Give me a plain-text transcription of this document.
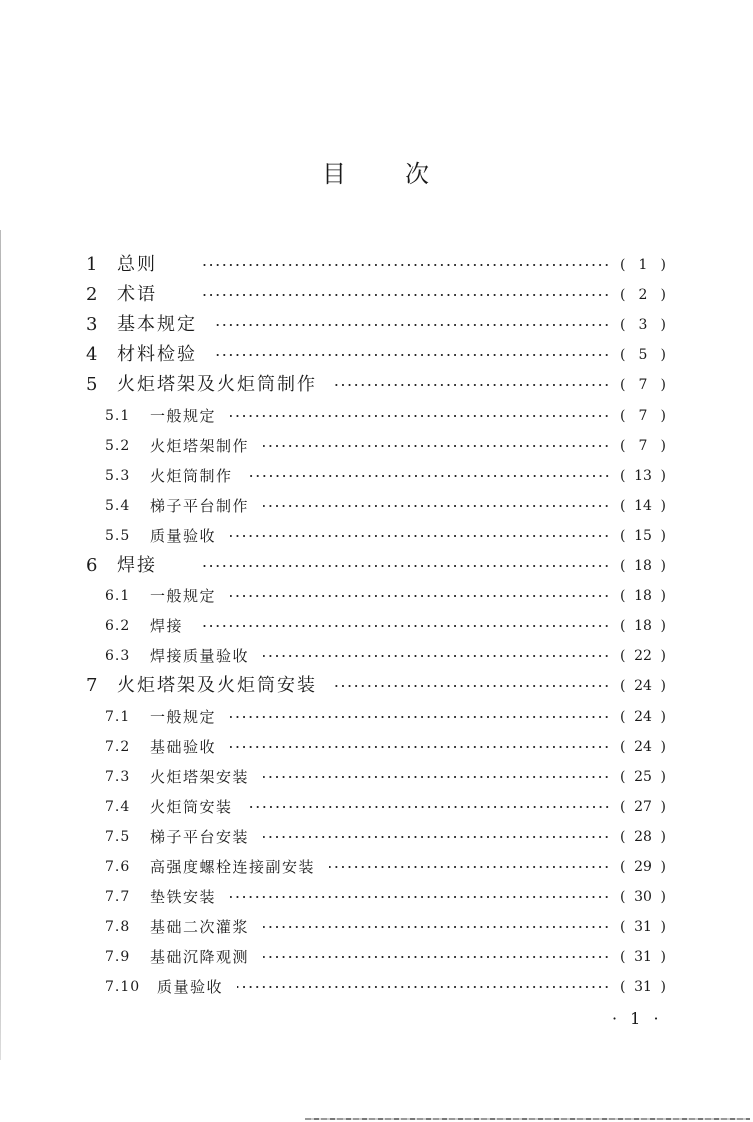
目 次
1 总则	( 1 )
2 术语	( 2 )
3 基本规定	( 3 )
4 材料检验	( 5 )
5 火炬塔架及火炬筒制作	( 7 )
5.1 一般规定	( 7 )
5.2 火炬塔架制作	( 7 )
5.3 火炬筒制作	( 13 )
5.4 梯子平台制作	( 14 )
5.5 质量验收	( 15 )
6 焊接	( 18 )
6.1 一般规定	( 18 )
6.2 焊接	( 18 )
6.3 焊接质量验收	( 22 )
7 火炬塔架及火炬筒安装	( 24 )
7.1 一般规定	( 24 )
7.2 基础验收	( 24 )
7.3 火炬塔架安装	( 25 )
7.4 火炬筒安装	( 27 )
7.5 梯子平台安装	( 28 )
7.6 高强度螺栓连接副安装	( 29 )
7.7 垫铁安装	( 30 )
7.8 基础二次灌浆	( 31 )
7.9 基础沉降观测	( 31 )
7.10 质量验收	( 31 )
· 1 ·
